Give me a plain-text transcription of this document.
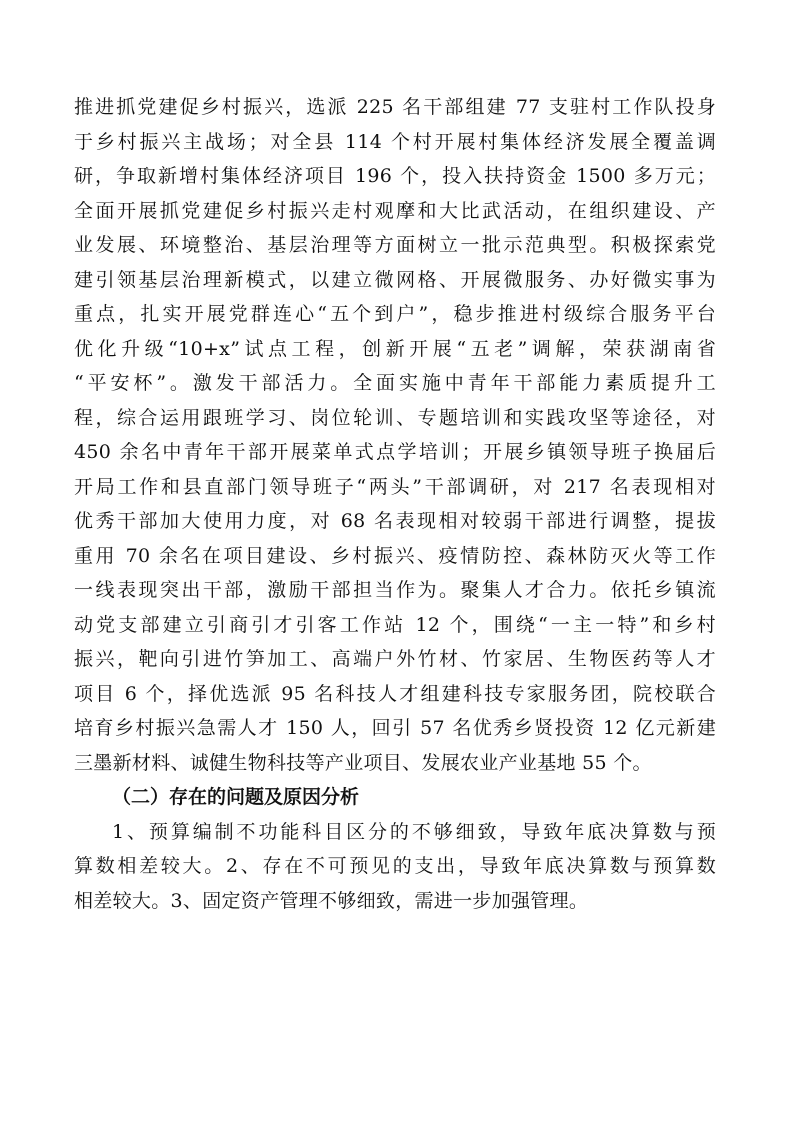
推进抓党建促乡村振兴，选派 225 名干部组建 77 支驻村工作队投身
于乡村振兴主战场；对全县 114 个村开展村集体经济发展全覆盖调
研，争取新增村集体经济项目 196 个，投入扶持资金 1500 多万元；
全面开展抓党建促乡村振兴走村观摩和大比武活动，在组织建设、产
业发展、环境整治、基层治理等方面树立一批示范典型。积极探索党
建引领基层治理新模式，以建立微网格、开展微服务、办好微实事为
重点，扎实开展党群连心“五个到户”，稳步推进村级综合服务平台
优化升级“10+x”试点工程，创新开展“五老”调解，荣获湖南省
“平安杯”。激发干部活力。全面实施中青年干部能力素质提升工
程，综合运用跟班学习、岗位轮训、专题培训和实践攻坚等途径，对
450 余名中青年干部开展菜单式点学培训；开展乡镇领导班子换届后
开局工作和县直部门领导班子“两头”干部调研，对 217 名表现相对
优秀干部加大使用力度，对 68 名表现相对较弱干部进行调整，提拔
重用 70 余名在项目建设、乡村振兴、疫情防控、森林防灭火等工作
一线表现突出干部，激励干部担当作为。聚集人才合力。依托乡镇流
动党支部建立引商引才引客工作站 12 个，围绕“一主一特”和乡村
振兴，靶向引进竹笋加工、高端户外竹材、竹家居、生物医药等人才
项目 6 个，择优选派 95 名科技人才组建科技专家服务团，院校联合
培育乡村振兴急需人才 150 人，回引 57 名优秀乡贤投资 12 亿元新建
三墨新材料、诚健生物科技等产业项目、发展农业产业基地 55 个。
（二）存在的问题及原因分析
1、预算编制不功能科目区分的不够细致，导致年底决算数与预
算数相差较大。2、存在不可预见的支出，导致年底决算数与预算数
相差较大。3、固定资产管理不够细致，需进一步加强管理。
